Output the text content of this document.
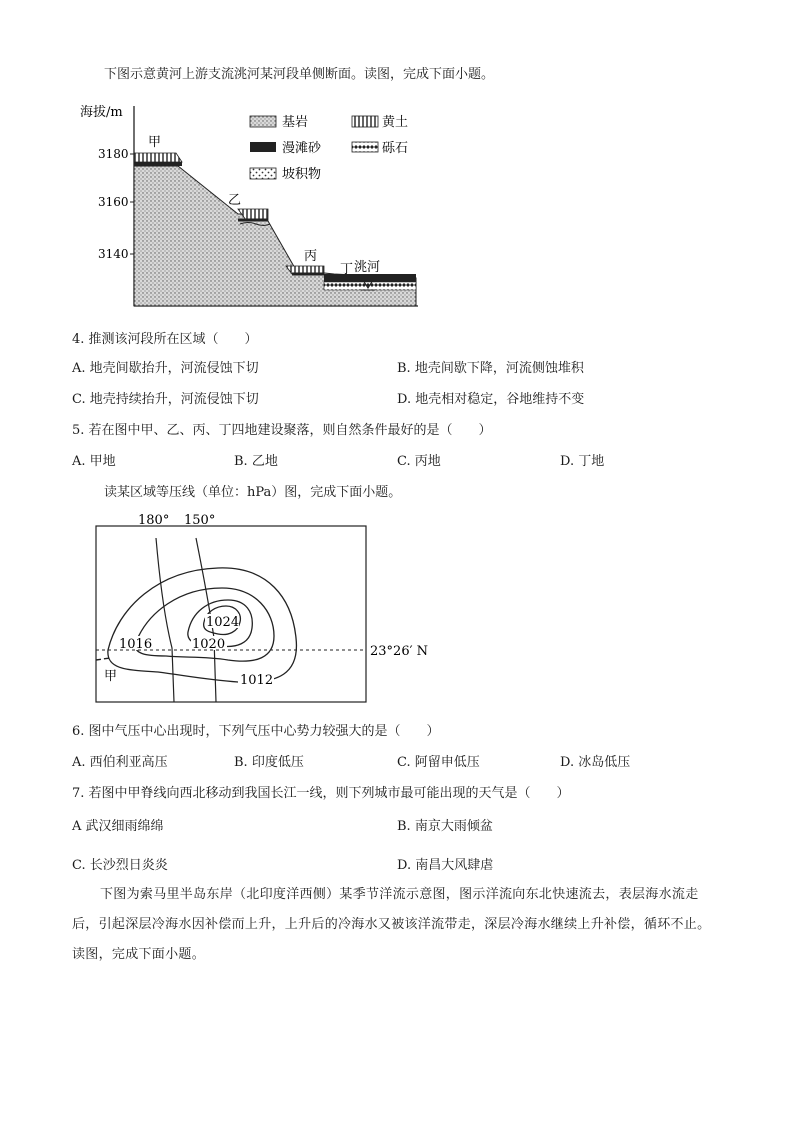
下图示意黄河上游支流洮河某河段单侧断面。读图，完成下面小题。
海拔/m
3180
3160
3140
甲
乙
丙
丁 洮河
基岩	黄土
漫滩砂	砾石
坡积物
4. 推测该河段所在区域（　　）
A. 地壳间歇抬升，河流侵蚀下切	B. 地壳间歇下降，河流侧蚀堆积
C. 地壳持续抬升，河流侵蚀下切	D. 地壳相对稳定，谷地维持不变
5. 若在图中甲、乙、丙、丁四地建设聚落，则自然条件最好的是（　　）
A. 甲地	B. 乙地	C. 丙地	D. 丁地
读某区域等压线（单位：hPa）图，完成下面小题。
180° 150°
1024
1020
1016
1012
23°26′ N
甲
6. 图中气压中心出现时，下列气压中心势力较强大的是（　　）
A. 西伯利亚高压	B. 印度低压	C. 阿留申低压	D. 冰岛低压
7. 若图中甲脊线向西北移动到我国长江一线，则下列城市最可能出现的天气是（　　）
A 武汉细雨绵绵	B. 南京大雨倾盆
C. 长沙烈日炎炎	D. 南昌大风肆虐
下图为索马里半岛东岸（北印度洋西侧）某季节洋流示意图，图示洋流向东北快速流去，表层海水流走后，引起深层冷海水因补偿而上升，上升后的冷海水又被该洋流带走，深层冷海水继续上升补偿，循环不止。读图，完成下面小题。
